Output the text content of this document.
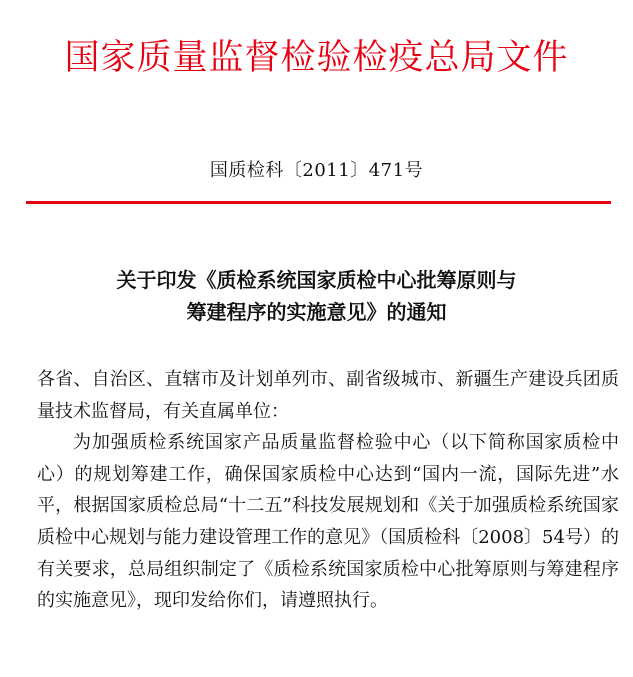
国家质量监督检验检疫总局文件
国质检科〔2011〕471号
关于印发《质检系统国家质检中心批筹原则与
筹建程序的实施意见》的通知

各省、自治区、直辖市及计划单列市、副省级城市、新疆生产建设兵团质量技术监督局，有关直属单位：

为加强质检系统国家产品质量监督检验中心（以下简称国家质检中心）的规划筹建工作，确保国家质检中心达到“国内一流，国际先进”水平，根据国家质检总局“十二五”科技发展规划和《关于加强质检系统国家质检中心规划与能力建设管理工作的意见》（国质检科〔2008〕54号）的有关要求，总局组织制定了《质检系统国家质检中心批筹原则与筹建程序的实施意见》，现印发给你们，请遵照执行。
